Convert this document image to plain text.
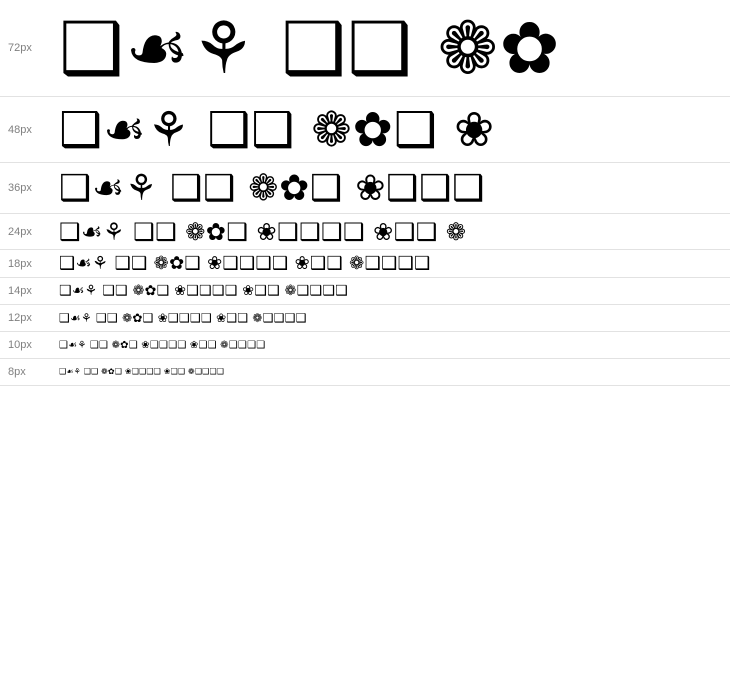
72px	❑☙⚘ ❑❑ ❁✿
48px	❑☙⚘ ❑❑ ❁✿❑ ❀
36px	❑☙⚘ ❑❑ ❁✿❑ ❀❑❑❑
24px	❑☙⚘ ❑❑ ❁✿❑ ❀❑❑❑❑ ❀❑❑ ❁
18px	❑☙⚘ ❑❑ ❁✿❑ ❀❑❑❑❑ ❀❑❑ ❁❑❑❑❑
14px	❑☙⚘ ❑❑ ❁✿❑ ❀❑❑❑❑ ❀❑❑ ❁❑❑❑❑
12px	❑☙⚘ ❑❑ ❁✿❑ ❀❑❑❑❑ ❀❑❑ ❁❑❑❑❑
10px	❑☙⚘ ❑❑ ❁✿❑ ❀❑❑❑❑ ❀❑❑ ❁❑❑❑❑
8px	❑☙⚘ ❑❑ ❁✿❑ ❀❑❑❑❑ ❀❑❑ ❁❑❑❑❑
